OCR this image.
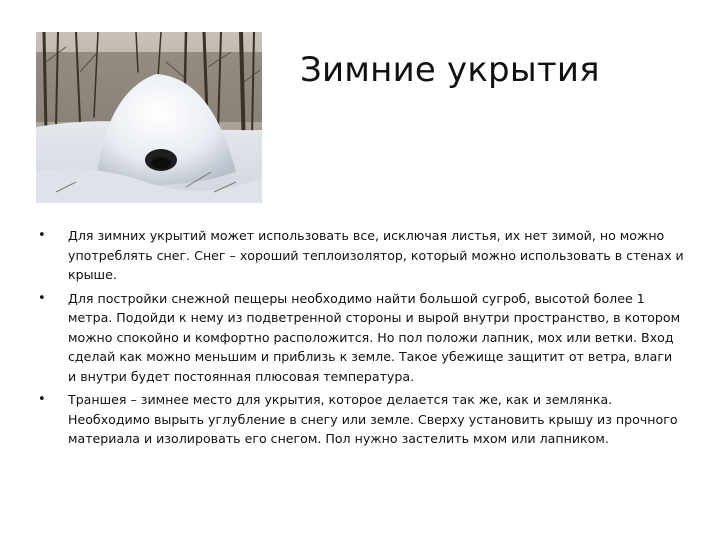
Зимние укрытия
• Для зимних укрытий может использовать все, исключая листья, их нет зимой, но можно употреблять снег. Снег – хороший теплоизолятор, который можно использовать в стенах и крыше.
• Для постройки снежной пещеры необходимо найти большой сугроб, высотой более 1 метра. Подойди к нему из подветренной стороны и вырой внутри пространство, в котором можно спокойно и комфортно расположится. Но пол положи лапник, мох или ветки. Вход сделай как можно меньшим и приблизь к земле. Такое убежище защитит от ветра, влаги и внутри будет постоянная плюсовая температура.
• Траншея – зимнее место для укрытия, которое делается так же, как и землянка. Необходимо вырыть углубление в снегу или земле. Сверху установить крышу из прочного материала и изолировать его снегом. Пол нужно застелить мхом или лапником.
